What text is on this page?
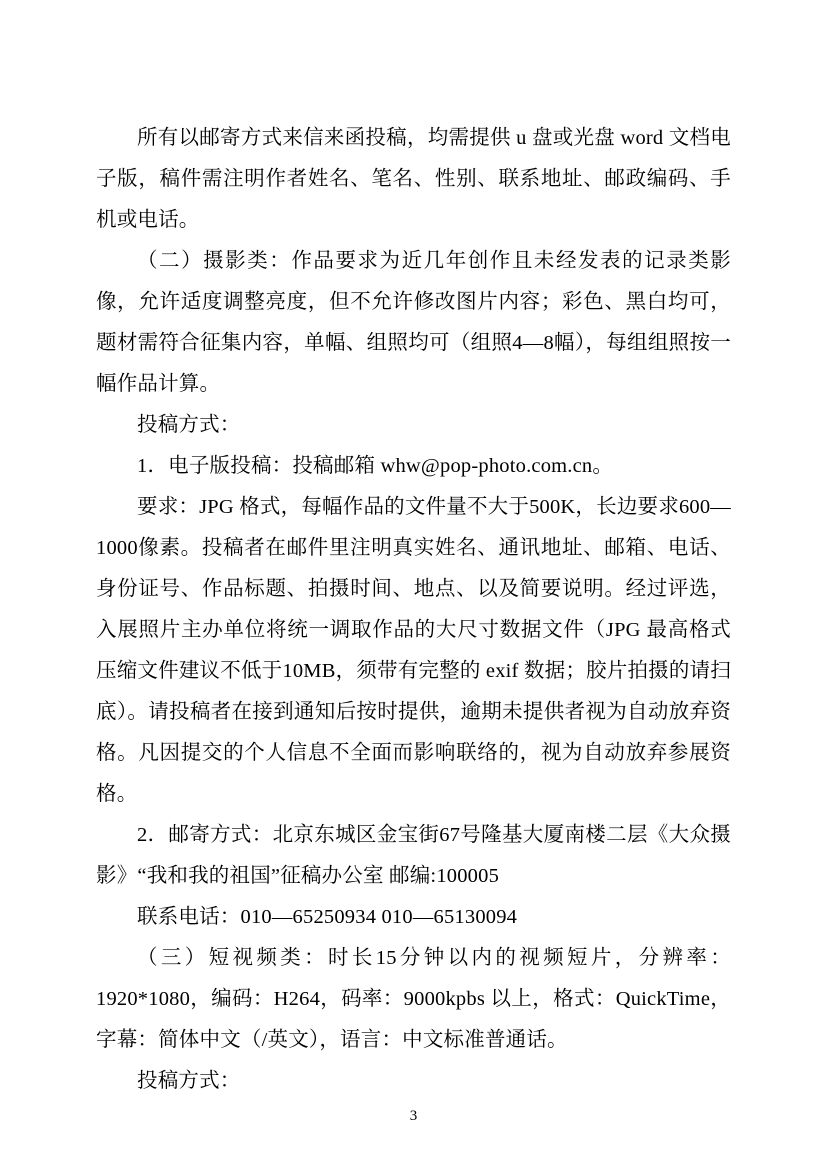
所有以邮寄方式来信来函投稿，均需提供 u 盘或光盘 word 文档电子版，稿件需注明作者姓名、笔名、性别、联系地址、邮政编码、手机或电话。

（二）摄影类：作品要求为近几年创作且未经发表的记录类影像，允许适度调整亮度，但不允许修改图片内容；彩色、黑白均可，题材需符合征集内容，单幅、组照均可（组照4—8幅），每组组照按一幅作品计算。

投稿方式：

1．电子版投稿：投稿邮箱 whw@pop-photo.com.cn。

要求：JPG 格式，每幅作品的文件量不大于500K，长边要求600—1000像素。投稿者在邮件里注明真实姓名、通讯地址、邮箱、电话、身份证号、作品标题、拍摄时间、地点、以及简要说明。经过评选，入展照片主办单位将统一调取作品的大尺寸数据文件（JPG 最高格式压缩文件建议不低于10MB，须带有完整的 exif 数据；胶片拍摄的请扫底）。请投稿者在接到通知后按时提供，逾期未提供者视为自动放弃资格。凡因提交的个人信息不全面而影响联络的，视为自动放弃参展资格。

2．邮寄方式：北京东城区金宝街67号隆基大厦南楼二层《大众摄影》“我和我的祖国”征稿办公室 邮编:100005

联系电话：010—65250934 010—65130094

（三）短视频类：时长15分钟以内的视频短片，分辨率：1920*1080，编码：H264，码率：9000kpbs 以上，格式：QuickTime，字幕：简体中文（/英文），语言：中文标准普通话。

投稿方式：

3
